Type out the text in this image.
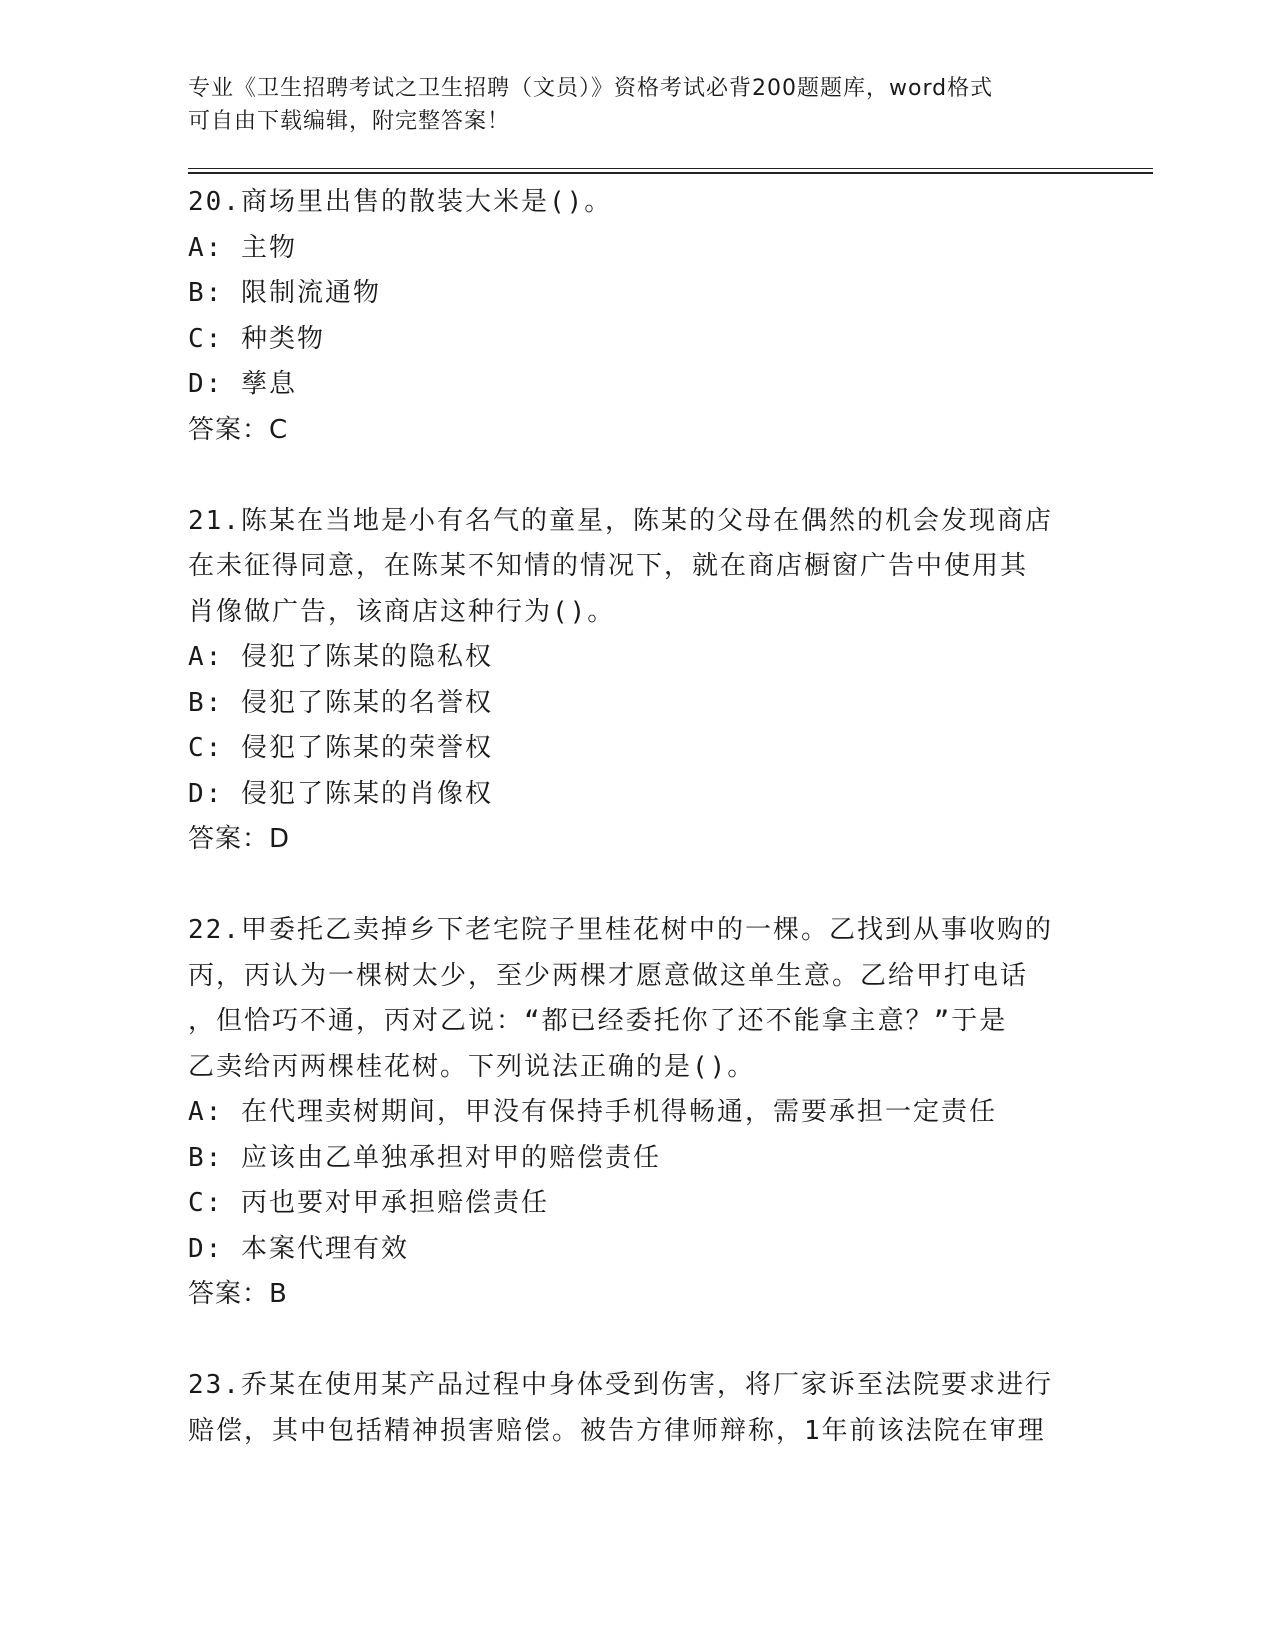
专业《卫生招聘考试之卫生招聘（文员）》资格考试必背200题题库，word格式
可自由下载编辑，附完整答案！
20.商场里出售的散装大米是()。
A: 主物
B: 限制流通物
C: 种类物
D: 孳息
答案：C
21.陈某在当地是小有名气的童星，陈某的父母在偶然的机会发现商店
在未征得同意，在陈某不知情的情况下，就在商店橱窗广告中使用其
肖像做广告，该商店这种行为()。
A: 侵犯了陈某的隐私权
B: 侵犯了陈某的名誉权
C: 侵犯了陈某的荣誉权
D: 侵犯了陈某的肖像权
答案：D
22.甲委托乙卖掉乡下老宅院子里桂花树中的一棵。乙找到从事收购的
丙，丙认为一棵树太少，至少两棵才愿意做这单生意。乙给甲打电话
，但恰巧不通，丙对乙说：“都已经委托你了还不能拿主意？”于是
乙卖给丙两棵桂花树。下列说法正确的是()。
A: 在代理卖树期间，甲没有保持手机得畅通，需要承担一定责任
B: 应该由乙单独承担对甲的赔偿责任
C: 丙也要对甲承担赔偿责任
D: 本案代理有效
答案：B
23.乔某在使用某产品过程中身体受到伤害，将厂家诉至法院要求进行
赔偿，其中包括精神损害赔偿。被告方律师辩称，1年前该法院在审理
